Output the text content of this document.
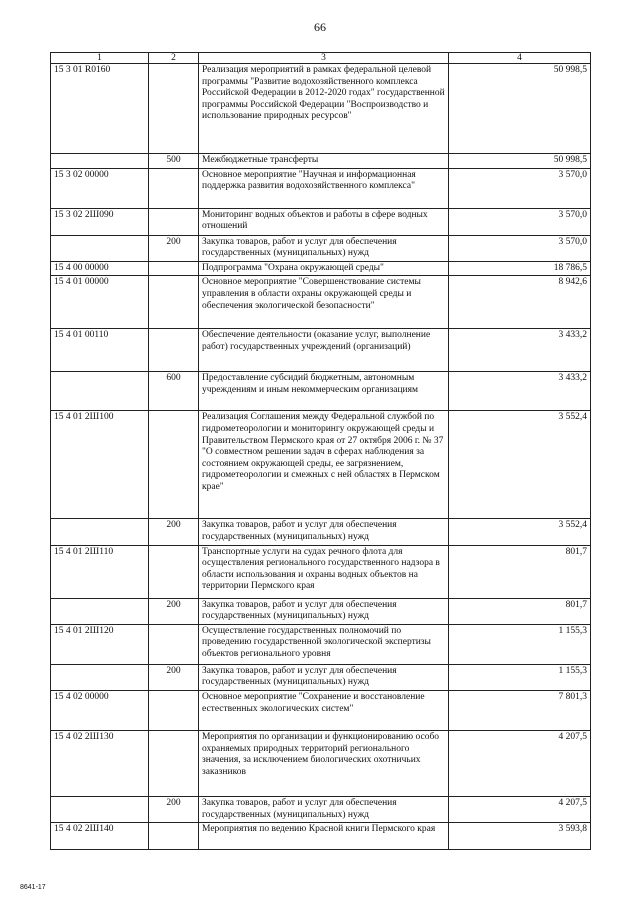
66
1	2	3	4
15 3 01 R0160		Реализация мероприятий в рамках федеральной целевой программы "Развитие водохозяйственного комплекса Российской Федерации в 2012-2020 годах" государственной программы Российской Федерации "Воспроизводство и использование природных ресурсов"	50 998,5
	500	Межбюджетные трансферты	50 998,5
15 3 02 00000		Основное мероприятие "Научная и информационная поддержка развития водохозяйственного комплекса"	3 570,0
15 3 02 2Ш090		Мониторинг водных объектов и работы в сфере водных отношений	3 570,0
	200	Закупка товаров, работ и услуг для обеспечения государственных (муниципальных) нужд	3 570,0
15 4 00 00000		Подпрограмма "Охрана окружающей среды"	18 786,5
15 4 01 00000		Основное мероприятие "Совершенствование системы управления в области охраны окружающей среды и обеспечения экологической безопасности"	8 942,6
15 4 01 00110		Обеспечение деятельности (оказание услуг, выполнение работ) государственных учреждений (организаций)	3 433,2
	600	Предоставление субсидий бюджетным, автономным учреждениям и иным некоммерческим организациям	3 433,2
15 4 01 2Ш100		Реализация Соглашения между Федеральной службой по гидрометеорологии и мониторингу окружающей среды и Правительством Пермского края от 27 октября 2006 г. № 37 "О совместном решении задач в сферах наблюдения за состоянием окружающей среды, ее загрязнением, гидрометеорологии и смежных с ней областях в Пермском крае"	3 552,4
	200	Закупка товаров, работ и услуг для обеспечения государственных (муниципальных) нужд	3 552,4
15 4 01 2Ш110		Транспортные услуги на судах речного флота для осуществления регионального государственного надзора в области использования и охраны водных объектов на территории Пермского края	801,7
	200	Закупка товаров, работ и услуг для обеспечения государственных (муниципальных) нужд	801,7
15 4 01 2Ш120		Осуществление государственных полномочий по проведению государственной экологической экспертизы объектов регионального уровня	1 155,3
	200	Закупка товаров, работ и услуг для обеспечения государственных (муниципальных) нужд	1 155,3
15 4 02 00000		Основное мероприятие "Сохранение и восстановление естественных экологических систем"	7 801,3
15 4 02 2Ш130		Мероприятия по организации и функционированию особо охраняемых природных территорий регионального значения, за исключением биологических охотничьих заказников	4 207,5
	200	Закупка товаров, работ и услуг для обеспечения государственных (муниципальных) нужд	4 207,5
15 4 02 2Ш140		Мероприятия по ведению Красной книги Пермского края	3 593,8
8641-17
